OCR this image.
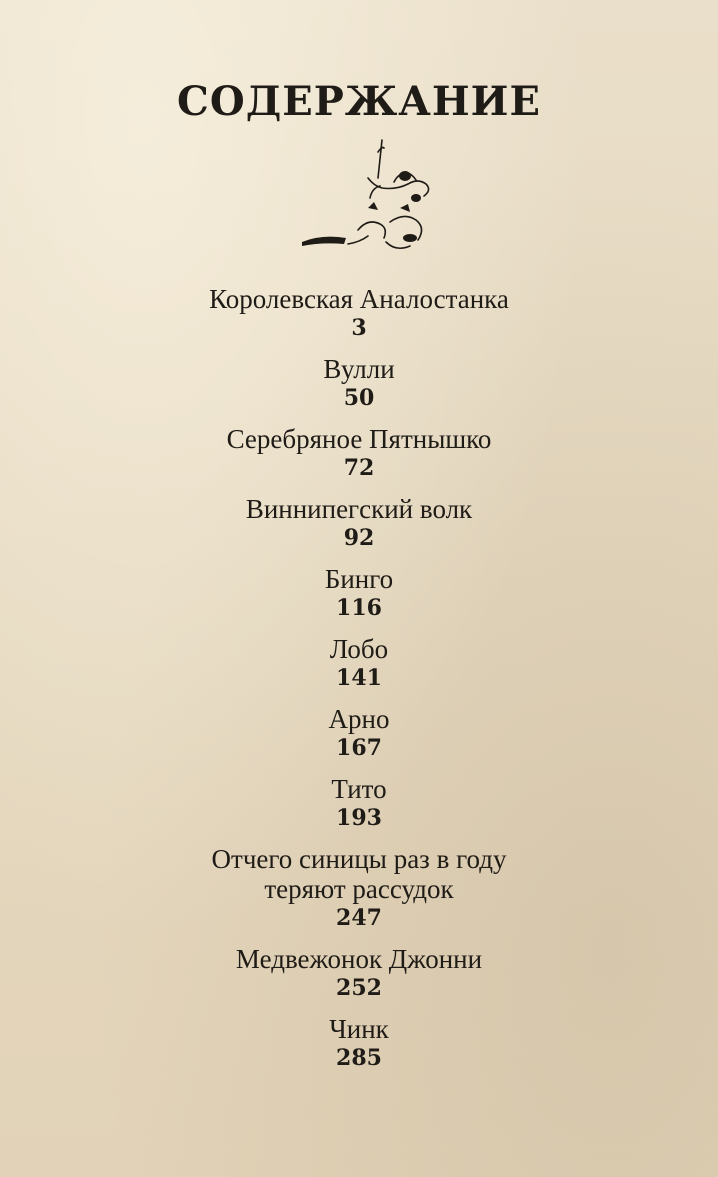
СОДЕРЖАНИЕ
Королевская Аналостанка
3
Вулли
50
Серебряное Пятнышко
72
Виннипегский волк
92
Бинго
116
Лобо
141
Арно
167
Тито
193
Отчего синицы раз в году
теряют рассудок
247
Медвежонок Джонни
252
Чинк
285
